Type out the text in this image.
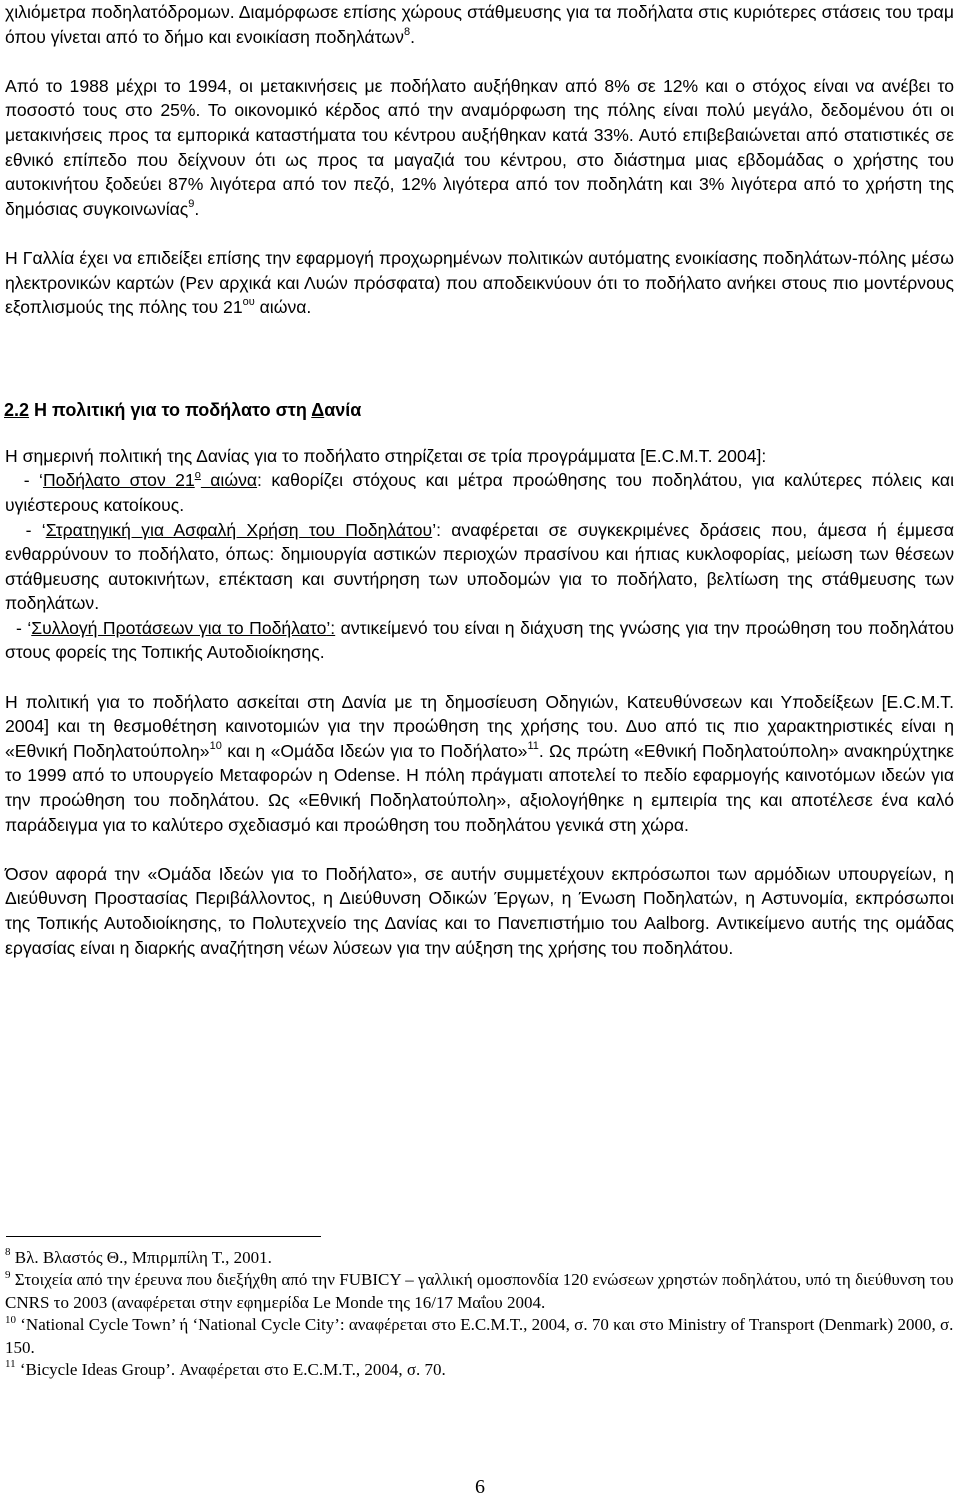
χιλιόμετρα ποδηλατόδρομων. Διαμόρφωσε επίσης χώρους στάθμευσης για τα ποδήλατα στις κυριότερες στάσεις του τραμ όπου γίνεται από το δήμο και ενοικίαση ποδηλάτων$^8$.

Από το 1988 μέχρι το 1994, οι μετακινήσεις με ποδήλατο αυξήθηκαν από 8% σε 12% και ο στόχος είναι να ανέβει το ποσοστό τους στο 25%. Το οικονομικό κέρδος από την αναμόρφωση της πόλης είναι πολύ μεγάλο, δεδομένου ότι οι μετακινήσεις προς τα εμπορικά καταστήματα του κέντρου αυξήθηκαν κατά 33%. Αυτό επιβεβαιώνεται από στατιστικές σε εθνικό επίπεδο που δείχνουν ότι ως προς τα μαγαζιά του κέντρου, στο διάστημα μιας εβδομάδας ο χρήστης του αυτοκινήτου ξοδεύει 87% λιγότερα από τον πεζό, 12% λιγότερα από τον ποδηλάτη και 3% λιγότερα από το χρήστη της δημόσιας συγκοινωνίας$^9$.

Η Γαλλία έχει να επιδείξει επίσης την εφαρμογή προχωρημένων πολιτικών αυτόματης ενοικίασης ποδηλάτων-πόλης μέσω ηλεκτρονικών καρτών (Ρεν αρχικά και Λυών πρόσφατα) που αποδεικνύουν ότι το ποδήλατο ανήκει στους πιο μοντέρνους εξοπλισμούς της πόλης του $21^{o\upsilon}$ αιώνα.

2.2 Η πολιτική για το ποδήλατο στη Δανία

Η σημερινή πολιτική της Δανίας για το ποδήλατο στηρίζεται σε τρία προγράμματα [Ε.C.Μ.Τ. 2004]:

- ‘Ποδήλατο στον $21^o$ αιώνα: καθορίζει στόχους και μέτρα προώθησης του ποδηλάτου, για καλύτερες πόλεις και υγιέστερους κατοίκους.

- ‘Στρατηγική για Ασφαλή Χρήση του Ποδηλάτου’: αναφέρεται σε συγκεκριμένες δράσεις που, άμεσα ή έμμεσα ενθαρρύνουν το ποδήλατο, όπως: δημιουργία αστικών περιοχών πρασίνου και ήπιας κυκλοφορίας, μείωση των θέσεων στάθμευσης αυτοκινήτων, επέκταση και συντήρηση των υποδομών για το ποδήλατο, βελτίωση της στάθμευσης των ποδηλάτων.

- ‘Συλλογή Προτάσεων για το Ποδήλατο’: αντικείμενό του είναι η διάχυση της γνώσης για την προώθηση του ποδηλάτου στους φορείς της Τοπικής Αυτοδιοίκησης.

Η πολιτική για το ποδήλατο ασκείται στη Δανία με τη δημοσίευση Οδηγιών, Κατευθύνσεων και Υποδείξεων [Ε.C.Μ.Τ. 2004] και τη θεσμοθέτηση καινοτομιών για την προώθηση της χρήσης του. Δυο από τις πιο χαρακτηριστικές είναι η «Εθνική Ποδηλατούπολη»$^{10}$ και η «Ομάδα Ιδεών για το Ποδήλατο»$^{11}$. Ως πρώτη «Εθνική Ποδηλατούπολη» ανακηρύχτηκε το 1999 από το υπουργείο Μεταφορών η Odense. Η πόλη πράγματι αποτελεί το πεδίο εφαρμογής καινοτόμων ιδεών για την προώθηση του ποδηλάτου. Ως «Εθνική Ποδηλατούπολη», αξιολογήθηκε η εμπειρία της και αποτέλεσε ένα καλό παράδειγμα για το καλύτερο σχεδιασμό και προώθηση του ποδηλάτου γενικά στη χώρα.

Όσον αφορά την «Ομάδα Ιδεών για το Ποδήλατο», σε αυτήν συμμετέχουν εκπρόσωποι των αρμόδιων υπουργείων, η Διεύθυνση Προστασίας Περιβάλλοντος, η Διεύθυνση Οδικών Έργων, η Ένωση Ποδηλατών, η Αστυνομία, εκπρόσωποι της Τοπικής Αυτοδιοίκησης, το Πολυτεχνείο της Δανίας και το Πανεπιστήμιο του Aalborg. Αντικείμενο αυτής της ομάδας εργασίας είναι η διαρκής αναζήτηση νέων λύσεων για την αύξηση της χρήσης του ποδηλάτου.

$^8$ Βλ. Βλαστός Θ., Μπιρμπίλη Τ., 2001.

$^9$ Στοιχεία από την έρευνα που διεξήχθη από την FUBICY – γαλλική ομοσπονδία 120 ενώσεων χρηστών ποδηλάτου, υπό τη διεύθυνση του CNRS το 2003 (αναφέρεται στην εφημερίδα Le Monde της 16/17 Μαΐου 2004.

$^{10}$ ‘National Cycle Town’ ή ‘National Cycle City’: αναφέρεται στο Ε.C.Μ.Τ., 2004, σ. 70 και στο Ministry of Transport (Denmark) 2000, σ. 150.

$^{11}$ ‘Bicycle Ideas Group’. Αναφέρεται στο Ε.C.Μ.Τ., 2004, σ. 70.

6
